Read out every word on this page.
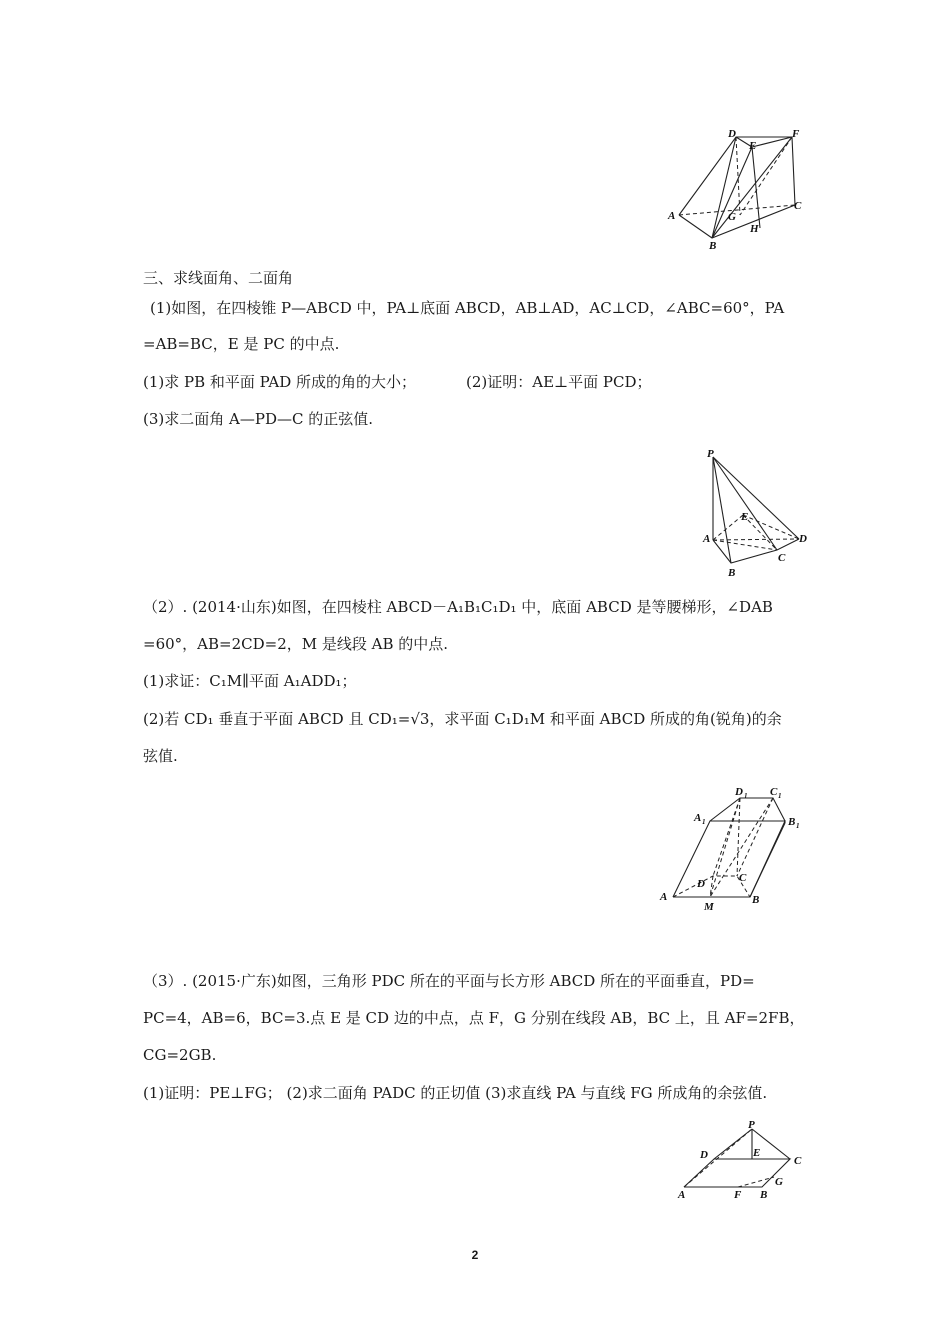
D	F
E
A	G
C
B
H
三、求线面角、二面角
(1)如图，在四棱锥 P—ABCD 中，PA⊥底面 ABCD，AB⊥AD，AC⊥CD，∠ABC=60°，PA
=AB=BC，E 是 PC 的中点.
(1)求 PB 和平面 PAD 所成的角的大小；	(2)证明：AE⊥平面 PCD；
(3)求二面角 A—PD—C 的正弦值.
P
E
A	D
C
B
（2）. (2014·山东)如图，在四棱柱 ABCD－A₁B₁C₁D₁ 中，底面 ABCD 是等腰梯形，∠DAB
=60°，AB=2CD=2，M 是线段 AB 的中点.
(1)求证：C₁M∥平面 A₁ADD₁；
(2)若 CD₁ 垂直于平面 ABCD 且 CD₁=√3，求平面 C₁D₁M 和平面 ABCD 所成的角(锐角)的余
弦值.
D 1 C 1
A 1	B 1
D	C
A
M
B
（3）. (2015·广东)如图，三角形 PDC 所在的平面与长方形 ABCD 所在的平面垂直，PD=
PC=4，AB=6，BC=3.点 E 是 CD 边的中点，点 F，G 分别在线段 AB，BC 上，且 AF=2FB，
CG=2GB.
(1)证明：PE⊥FG； (2)求二面角 PADC 的正切值 (3)求直线 PA 与直线 FG 所成角的余弦值.
P
D	E
C
A	F B
G
2
